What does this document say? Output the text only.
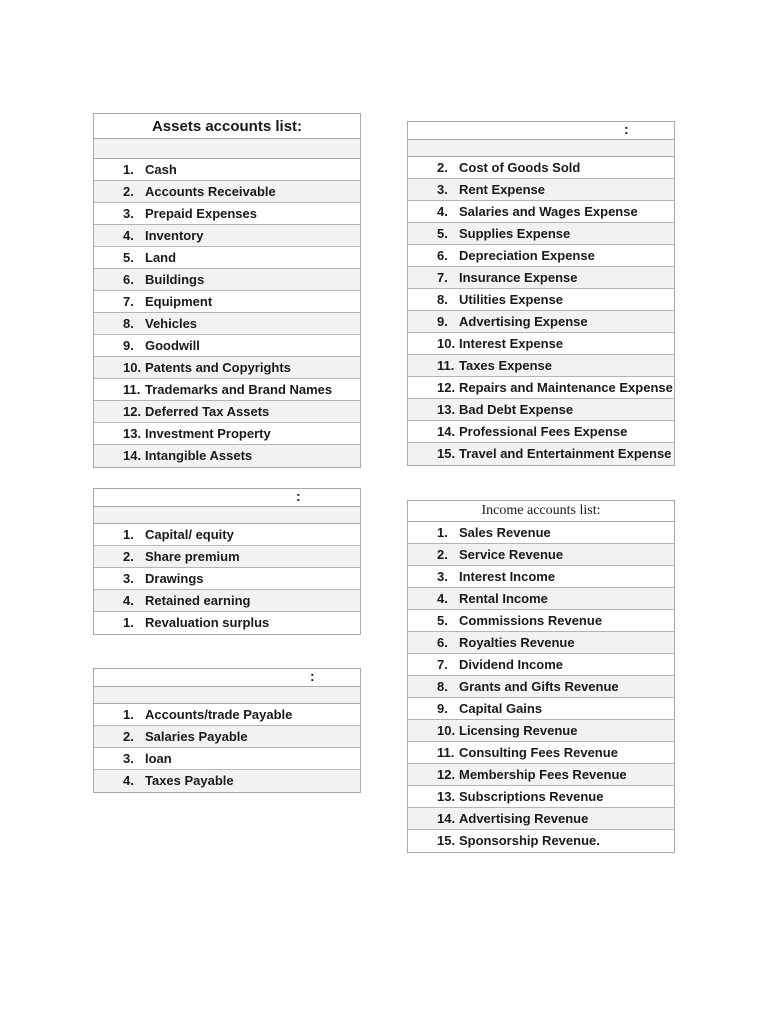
Assets accounts list:
1. Cash
2. Accounts Receivable
3. Prepaid Expenses
4. Inventory
5. Land
6. Buildings
7. Equipment
8. Vehicles
9. Goodwill
10. Patents and Copyrights
11. Trademarks and Brand Names
12. Deferred Tax Assets
13. Investment Property
14. Intangible Assets
:
2. Cost of Goods Sold
3. Rent Expense
4. Salaries and Wages Expense
5. Supplies Expense
6. Depreciation Expense
7. Insurance Expense
8. Utilities Expense
9. Advertising Expense
10. Interest Expense
11. Taxes Expense
12. Repairs and Maintenance Expense
13. Bad Debt Expense
14. Professional Fees Expense
15. Travel and Entertainment Expense
:
1. Capital/ equity
2. Share premium
3. Drawings
4. Retained earning
1. Revaluation surplus
:
1. Accounts/trade Payable
2. Salaries Payable
3. loan
4. Taxes Payable
Income accounts list:
1. Sales Revenue
2. Service Revenue
3. Interest Income
4. Rental Income
5. Commissions Revenue
6. Royalties Revenue
7. Dividend Income
8. Grants and Gifts Revenue
9. Capital Gains
10. Licensing Revenue
11. Consulting Fees Revenue
12. Membership Fees Revenue
13. Subscriptions Revenue
14. Advertising Revenue
15. Sponsorship Revenue.
